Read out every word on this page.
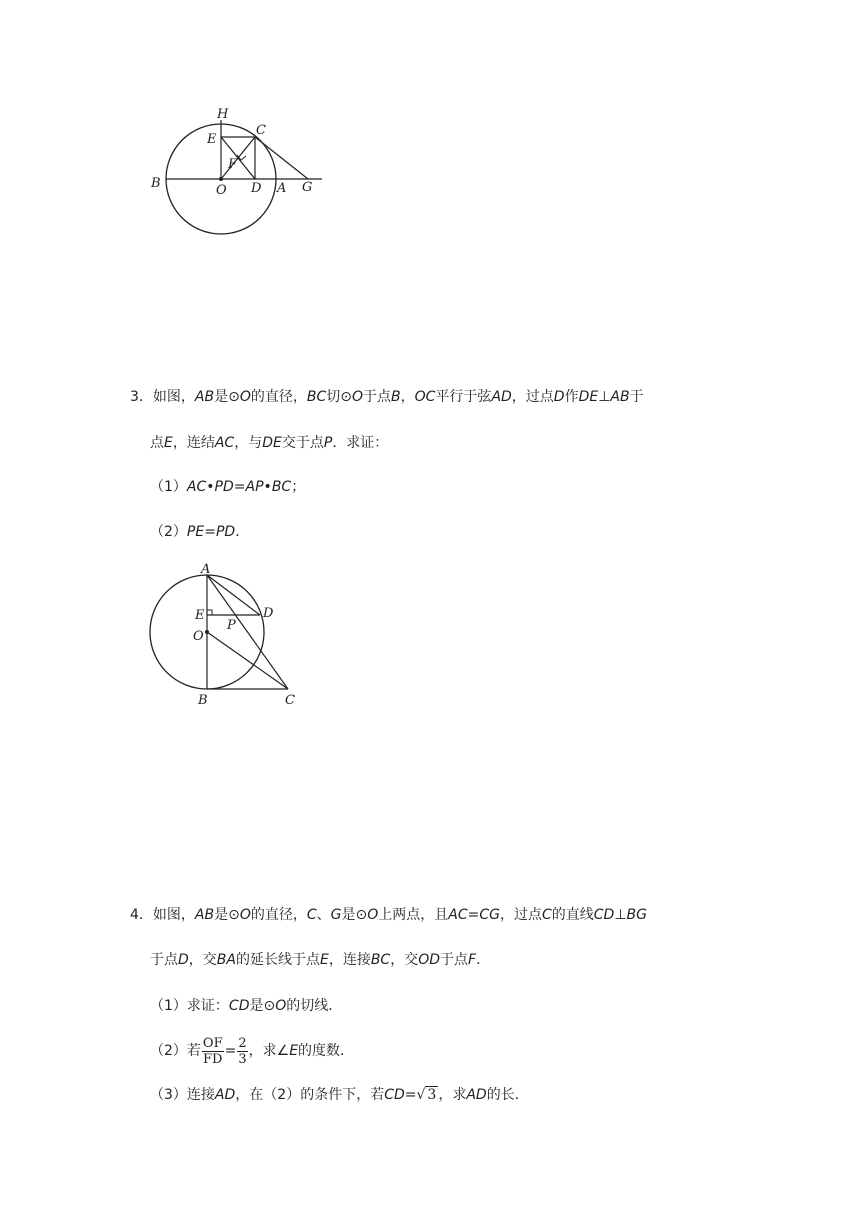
H
E
C
F
B	O D A G
3．如图，AB是⊙O的直径，BC切⊙O于点B，OC平行于弦AD，过点D作DE⊥AB于
点E，连结AC，与DE交于点P．求证：
（1）AC•PD=AP•BC；
（2）PE=PD．
A
E	D
P
O
B	C
4．如图，AB是⊙O的直径，C、G是⊙O上两点，且AC=CG，过点C的直线CD⊥BG
于点D，交BA的延长线于点E，连接BC，交OD于点F．
（1）求证：CD是⊙O的切线．
（2）若 $\frac{OF}{FD} = \frac{2}{3}$ ，求∠E的度数．
（3）连接AD，在（2）的条件下，若CD=√ 3 ，求AD的长．
